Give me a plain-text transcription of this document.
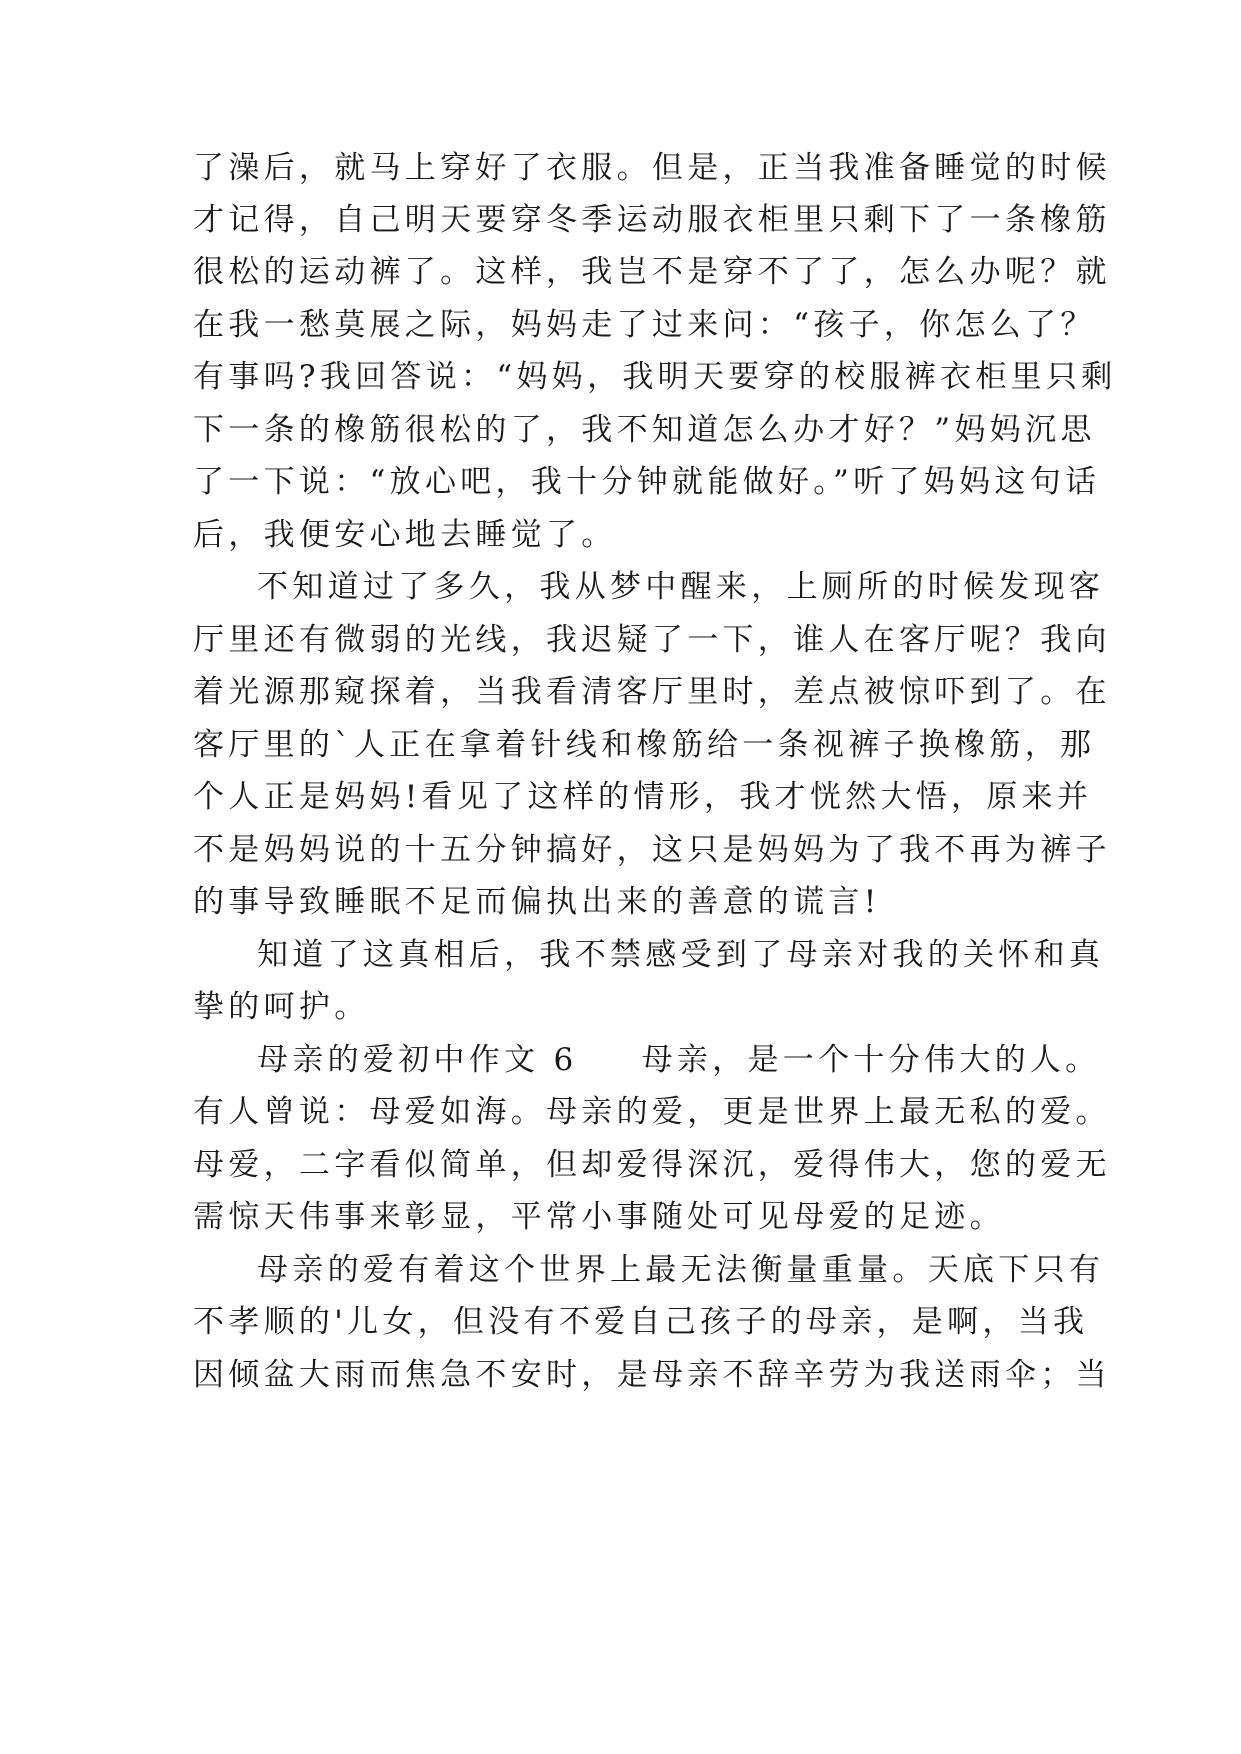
了澡后，就马上穿好了衣服。但是，正当我准备睡觉的时候
才记得，自己明天要穿冬季运动服衣柜里只剩下了一条橡筋
很松的运动裤了。这样，我岂不是穿不了了，怎么办呢？就
在我一愁莫展之际，妈妈走了过来问：“孩子，你怎么了？
有事吗?我回答说：“妈妈，我明天要穿的校服裤衣柜里只剩
下一条的橡筋很松的了，我不知道怎么办才好？”妈妈沉思
了一下说：“放心吧，我十分钟就能做好。”听了妈妈这句话
后，我便安心地去睡觉了。
不知道过了多久，我从梦中醒来，上厕所的时候发现客
厅里还有微弱的光线，我迟疑了一下，谁人在客厅呢？我向
着光源那窥探着，当我看清客厅里时，差点被惊吓到了。在
客厅里的`人正在拿着针线和橡筋给一条视裤子换橡筋，那
个人正是妈妈!看见了这样的情形，我才恍然大悟，原来并
不是妈妈说的十五分钟搞好，这只是妈妈为了我不再为裤子
的事导致睡眠不足而偏执出来的善意的谎言!
知道了这真相后，我不禁感受到了母亲对我的关怀和真
挚的呵护。
母亲的爱初中作文 6 母亲，是一个十分伟大的人。
有人曾说：母爱如海。母亲的爱，更是世界上最无私的爱。
母爱，二字看似简单，但却爱得深沉，爱得伟大，您的爱无
需惊天伟事来彰显，平常小事随处可见母爱的足迹。
母亲的爱有着这个世界上最无法衡量重量。天底下只有
不孝顺的'儿女，但没有不爱自己孩子的母亲，是啊，当我
因倾盆大雨而焦急不安时，是母亲不辞辛劳为我送雨伞；当
